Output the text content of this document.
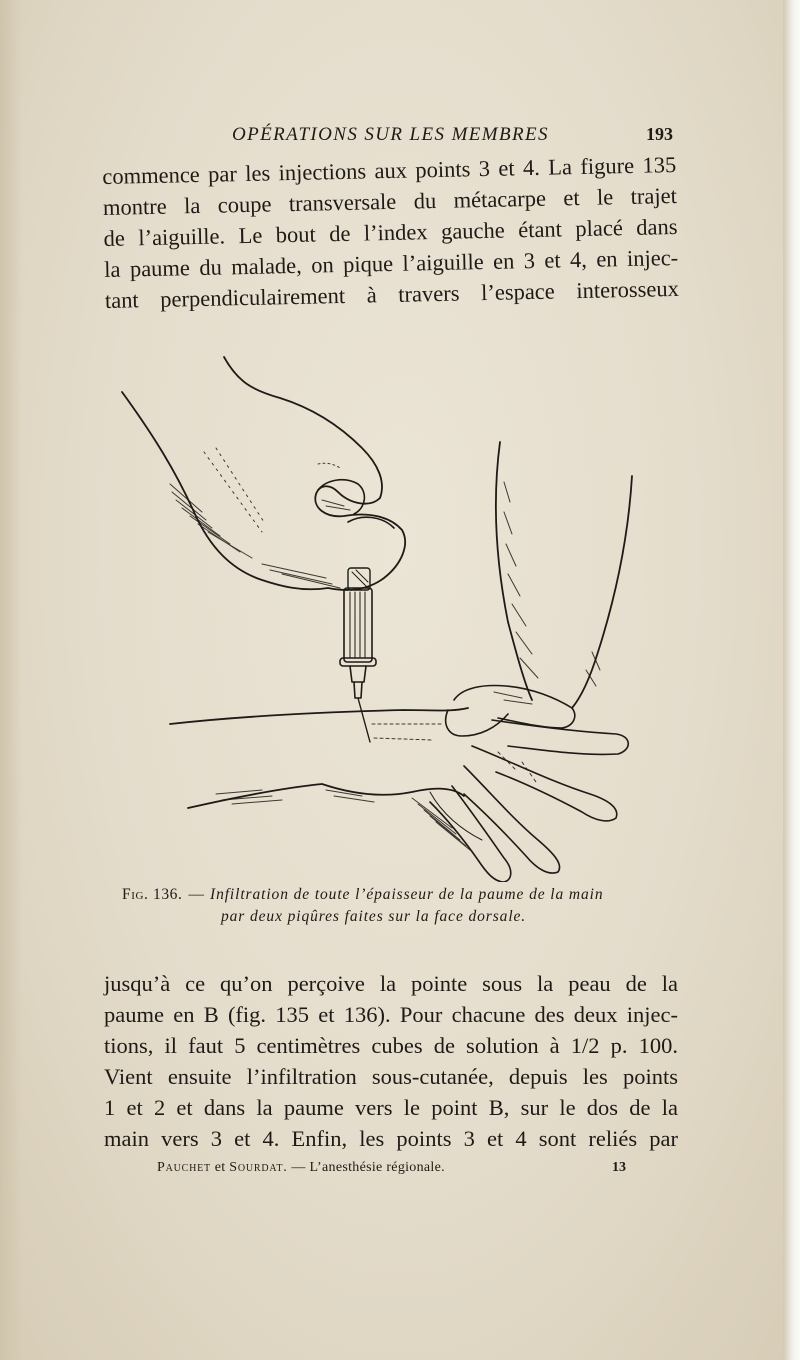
OPÉRATIONS SUR LES MEMBRES	193
commence par les injections aux points 3 et 4. La figure 135
montre la coupe transversale du métacarpe et le trajet
de l’aiguille. Le bout de l’index gauche étant placé dans
la paume du malade, on pique l’aiguille en 3 et 4, en injec-
tant perpendiculairement à travers l’espace interosseux
Fig. 136. — Infiltration de toute l’épaisseur de la paume de la main
par deux piqûres faites sur la face dorsale.
jusqu’à ce qu’on perçoive la pointe sous la peau de la
paume en B (fig. 135 et 136). Pour chacune des deux injec-
tions, il faut 5 centimètres cubes de solution à 1/2 p. 100.
Vient ensuite l’infiltration sous-cutanée, depuis les points
1 et 2 et dans la paume vers le point B, sur le dos de la
main vers 3 et 4. Enfin, les points 3 et 4 sont reliés par
Pauchet et Sourdat. — L’anesthésie régionale.	13
